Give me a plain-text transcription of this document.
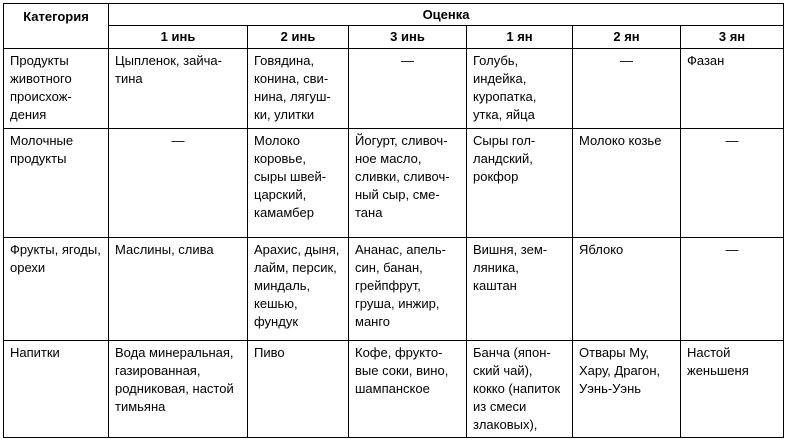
Категория	Оценка					
	1 инь	2 инь	3 инь	1 ян	2 ян	3 ян
Продукты животного происхождения	Цыпленок, зайчатина	Говядина, конина, свинина, лягушки, улитки	—	Голубь, индейка, куропатка, утка, яйца	—	Фазан
Молочные продукты	—	Молоко коровье, сыры швейцарский, камамбер	Йогурт, сливочное масло, сливки, сливочный сыр, сметана	Сыры голландский, рокфор	Молоко козье	—
Фрукты, ягоды, орехи	Маслины, слива	Арахис, дыня, лайм, персик, миндаль, кешью, фундук	Ананас, апельсин, банан, грейпфрут, груша, инжир, манго	Вишня, земляника, каштан	Яблоко	—
Напитки	Вода минеральная, газированная, родниковая, настой тимьяна	Пиво	Кофе, фруктовые соки, вино, шампанское	Банча (японский чай), кокко (напиток из смеси злаковых),	Отвары Му, Хару, Драгон, Уэнь-Уэнь	Настой женьшеня
